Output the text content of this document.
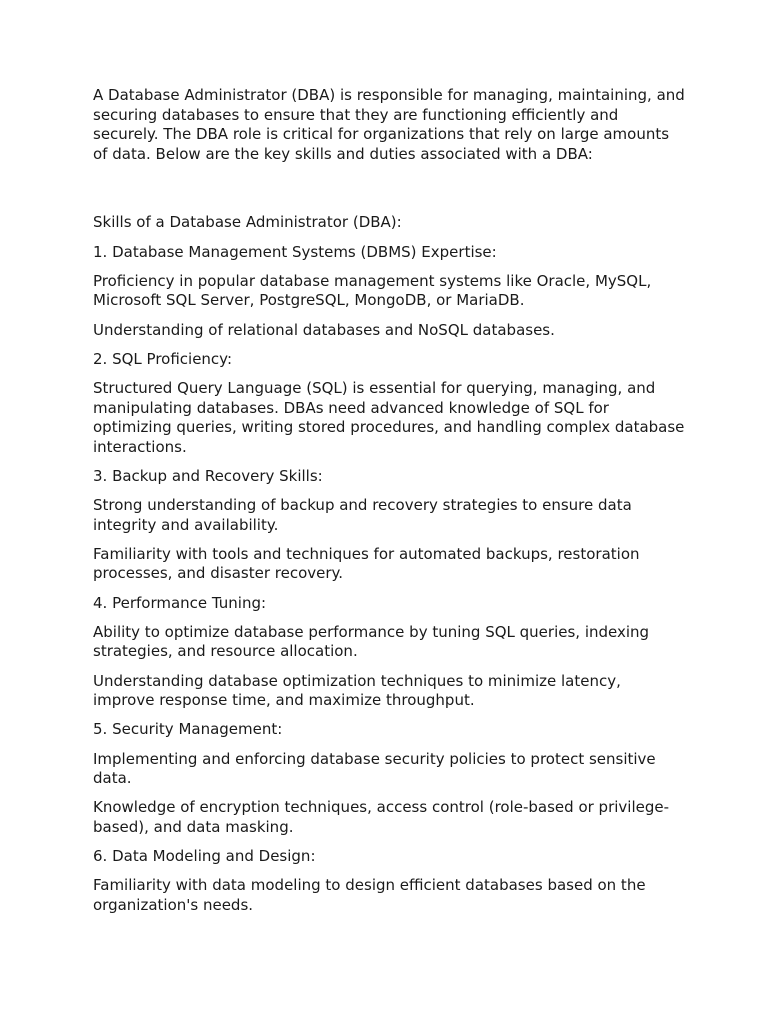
A Database Administrator (DBA) is responsible for managing, maintaining, and securing databases to ensure that they are functioning efficiently and securely. The DBA role is critical for organizations that rely on large amounts of data. Below are the key skills and duties associated with a DBA:

Skills of a Database Administrator (DBA):

1. Database Management Systems (DBMS) Expertise:

Proficiency in popular database management systems like Oracle, MySQL, Microsoft SQL Server, PostgreSQL, MongoDB, or MariaDB.

Understanding of relational databases and NoSQL databases.

2. SQL Proficiency:

Structured Query Language (SQL) is essential for querying, managing, and manipulating databases. DBAs need advanced knowledge of SQL for optimizing queries, writing stored procedures, and handling complex database interactions.

3. Backup and Recovery Skills:

Strong understanding of backup and recovery strategies to ensure data integrity and availability.

Familiarity with tools and techniques for automated backups, restoration processes, and disaster recovery.

4. Performance Tuning:

Ability to optimize database performance by tuning SQL queries, indexing strategies, and resource allocation.

Understanding database optimization techniques to minimize latency, improve response time, and maximize throughput.

5. Security Management:

Implementing and enforcing database security policies to protect sensitive data.

Knowledge of encryption techniques, access control (role-based or privilege-based), and data masking.

6. Data Modeling and Design:

Familiarity with data modeling to design efficient databases based on the organization's needs.
